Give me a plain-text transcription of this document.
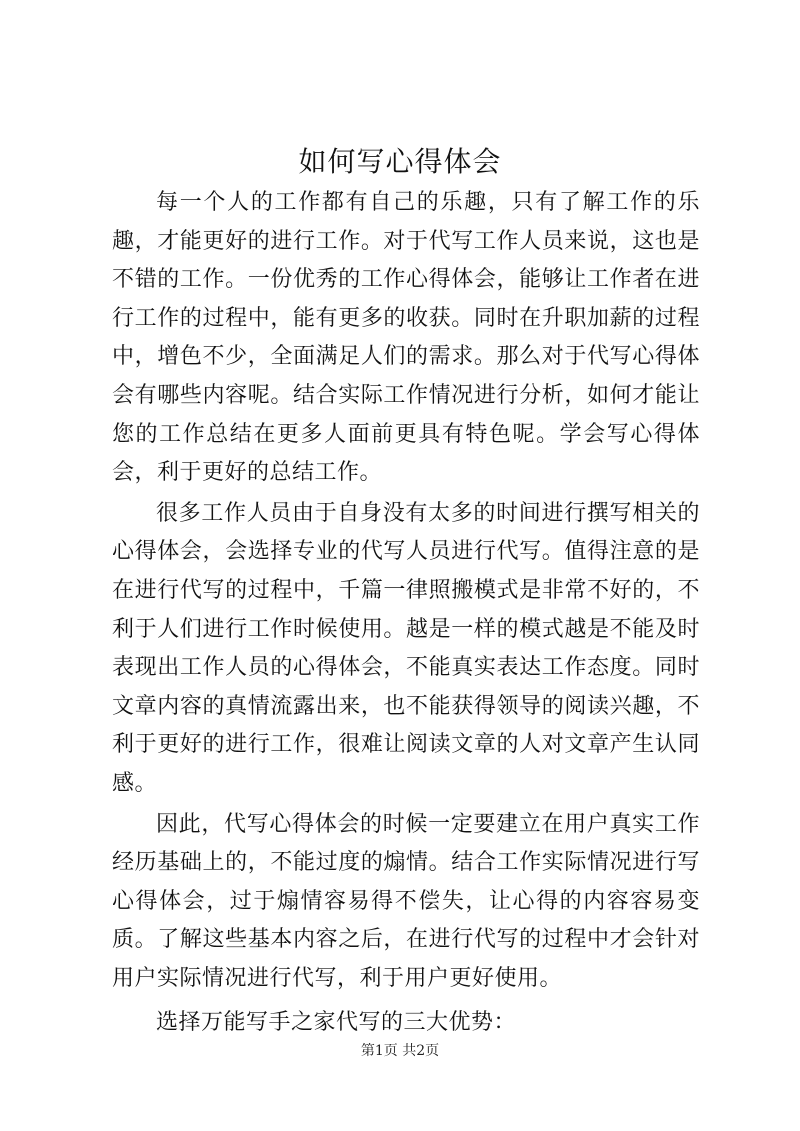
如何写心得体会

每一个人的工作都有自己的乐趣，只有了解工作的乐趣，才能更好的进行工作。对于代写工作人员来说，这也是不错的工作。一份优秀的工作心得体会，能够让工作者在进行工作的过程中，能有更多的收获。同时在升职加薪的过程中，增色不少，全面满足人们的需求。那么对于代写心得体会有哪些内容呢。结合实际工作情况进行分析，如何才能让您的工作总结在更多人面前更具有特色呢。学会写心得体会，利于更好的总结工作。

很多工作人员由于自身没有太多的时间进行撰写相关的心得体会，会选择专业的代写人员进行代写。值得注意的是在进行代写的过程中，千篇一律照搬模式是非常不好的，不利于人们进行工作时候使用。越是一样的模式越是不能及时表现出工作人员的心得体会，不能真实表达工作态度。同时文章内容的真情流露出来，也不能获得领导的阅读兴趣，不利于更好的进行工作，很难让阅读文章的人对文章产生认同感。

因此，代写心得体会的时候一定要建立在用户真实工作经历基础上的，不能过度的煽情。结合工作实际情况进行写心得体会，过于煽情容易得不偿失，让心得的内容容易变质。了解这些基本内容之后，在进行代写的过程中才会针对用户实际情况进行代写，利于用户更好使用。

选择万能写手之家代写的三大优势：

第1页 共2页
